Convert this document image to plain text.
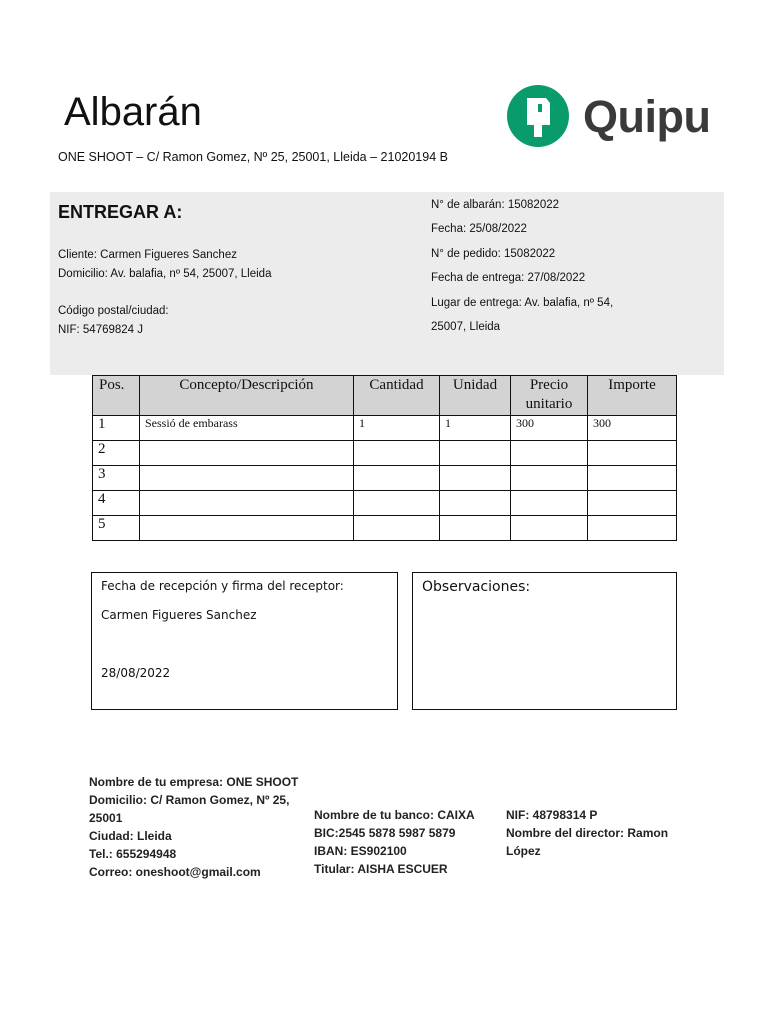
Albarán
ONE SHOOT – C/ Ramon Gomez, Nº 25, 25001, Lleida – 21020194 B
Quipu
ENTREGAR A:
Cliente: Carmen Figueres Sanchez
Domicilio: Av. balafia, nº 54, 25007, Lleida
Código postal/ciudad:
NIF: 54769824 J
N° de albarán: 15082022
Fecha: 25/08/2022
N° de pedido: 15082022
Fecha de entrega: 27/08/2022
Lugar de entrega: Av. balafia, nº 54,
25007, Lleida
Pos.	Concepto/Descripción	Cantidad	Unidad	Precio unitario	Importe
1	Sessió de embarass	1	1	300	300
2					
3					
4					
5					
Fecha de recepción y firma del receptor:
Carmen Figueres Sanchez
28/08/2022
Observaciones:
Nombre de tu empresa: ONE SHOOT
Domicilio: C/ Ramon Gomez, Nº 25,
25001
Ciudad: Lleida
Tel.: 655294948
Correo: oneshoot@gmail.com
Nombre de tu banco: CAIXA
BIC:2545 5878 5987 5879
IBAN: ES902100
Titular: AISHA ESCUER
NIF: 48798314 P
Nombre del director: Ramon
López
